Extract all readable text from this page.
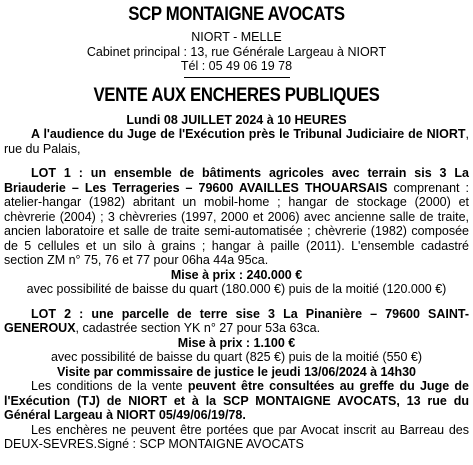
SCP MONTAIGNE AVOCATS
NIORT - MELLE
Cabinet principal : 13, rue Générale Largeau à NIORT
Tél : 05 49 06 19 78
VENTE AUX ENCHERES PUBLIQUES
Lundi 08 JUILLET 2024 à 10 HEURES

A l'audience du Juge de l'Exécution près le Tribunal Judiciaire de NIORT, rue du Palais,

LOT 1 : un ensemble de bâtiments agricoles avec terrain sis 3 La Briauderie – Les Terrageries – 79600 AVAILLES THOUARSAIS comprenant : atelier-hangar (1982) abritant un mobil-home ; hangar de stockage (2000) et chèvrerie (2004) ; 3 chèvreries (1997, 2000 et 2006) avec ancienne salle de traite, ancien laboratoire et salle de traite semi-automatisée ; chèvrerie (1982) composée de 5 cellules et un silo à grains ; hangar à paille (2011). L'ensemble cadastré section ZM n° 75, 76 et 77 pour 06ha 44a 95ca.

Mise à prix : 240.000 €
avec possibilité de baisse du quart (180.000 €) puis de la moitié (120.000 €)

LOT 2 : une parcelle de terre sise 3 La Pinanière – 79600 SAINT-GENEROUX, cadastrée section YK n° 27 pour 53a 63ca.

Mise à prix : 1.100 €
avec possibilité de baisse du quart (825 €) puis de la moitié (550 €)
Visite par commissaire de justice le jeudi 13/06/2024 à 14h30

Les conditions de la vente peuvent être consultées au greffe du Juge de l'Exécution (TJ) de NIORT et à la SCP MONTAIGNE AVOCATS, 13 rue du Général Largeau à NIORT 05/49/06/19/78.

Les enchères ne peuvent être portées que par Avocat inscrit au Barreau des DEUX-SEVRES.Signé : SCP MONTAIGNE AVOCATS
